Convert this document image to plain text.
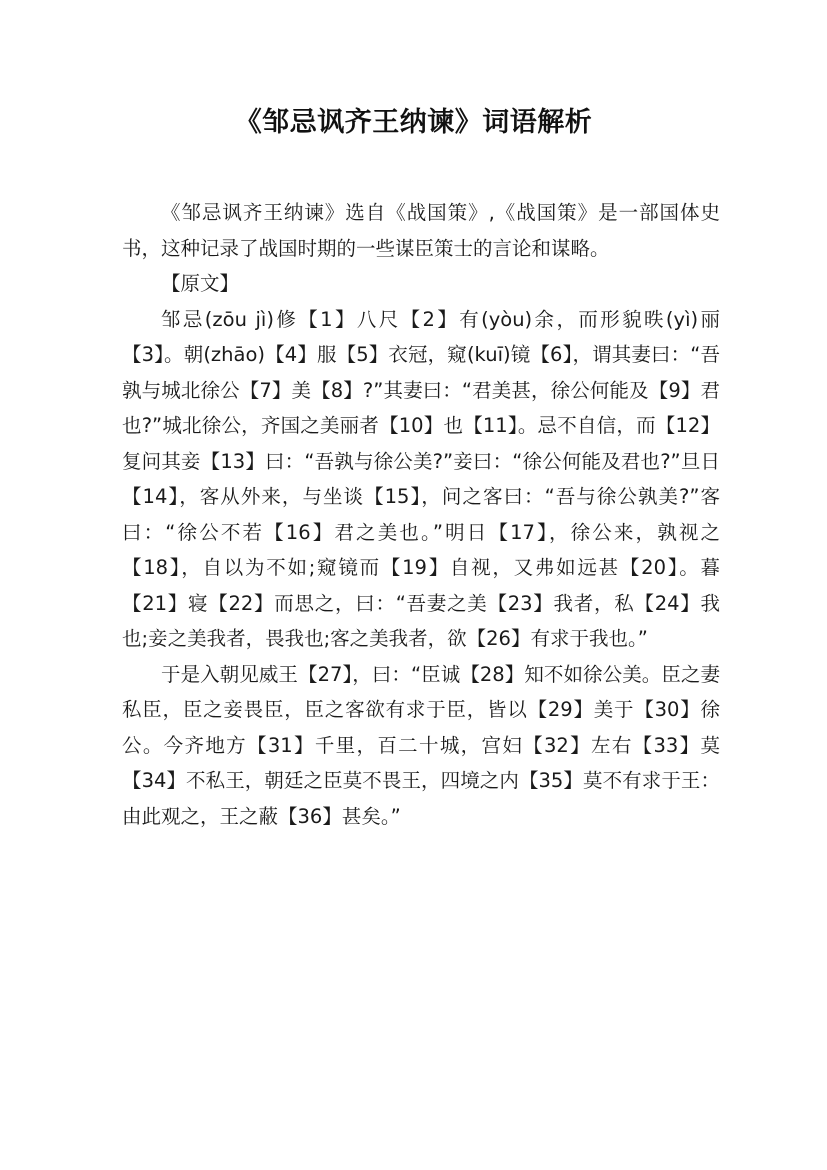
《邹忌讽齐王纳谏》词语解析

《邹忌讽齐王纳谏》选自《战国策》,《战国策》是一部国体史书，这种记录了战国时期的一些谋臣策士的言论和谋略。

【原文】

邹忌(zōu jì)修【1】八尺【2】有(yòu)余，而形貌昳(yì)丽【3】。朝(zhāo)【4】服【5】衣冠，窥(kuī)镜【6】，谓其妻曰：“吾孰与城北徐公【7】美【8】?”其妻曰：“君美甚，徐公何能及【9】君也?”城北徐公，齐国之美丽者【10】也【11】。忌不自信，而【12】复问其妾【13】曰：“吾孰与徐公美?”妾曰：“徐公何能及君也?”旦日【14】，客从外来，与坐谈【15】，问之客曰：“吾与徐公孰美?”客曰：“徐公不若【16】君之美也。”明日【17】，徐公来，孰视之【18】，自以为不如;窥镜而【19】自视，又弗如远甚【20】。暮【21】寝【22】而思之，曰：“吾妻之美【23】我者，私【24】我也;妾之美我者，畏我也;客之美我者，欲【26】有求于我也。”

于是入朝见威王【27】，曰：“臣诚【28】知不如徐公美。臣之妻私臣，臣之妾畏臣，臣之客欲有求于臣，皆以【29】美于【30】徐公。今齐地方【31】千里，百二十城，宫妇【32】左右【33】莫【34】不私王，朝廷之臣莫不畏王，四境之内【35】莫不有求于王：由此观之，王之蔽【36】甚矣。”
